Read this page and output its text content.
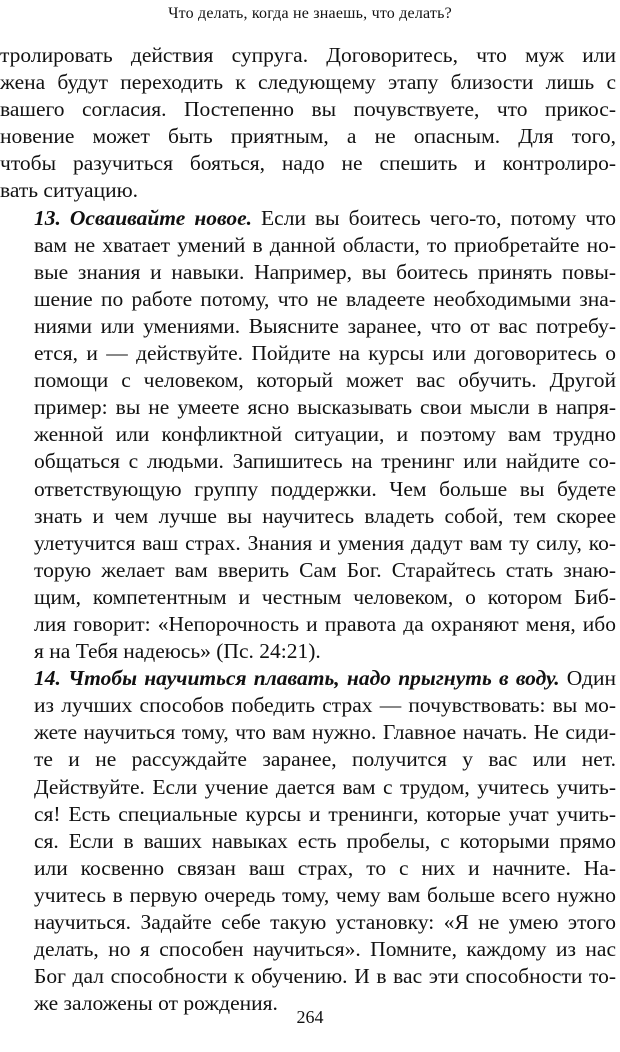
Что делать, когда не знаешь, что делать?
тролировать действия супруга. Договоритесь, что муж или
жена будут переходить к следующему этапу близости лишь с
вашего согласия. Постепенно вы почувствуете, что прикос-
новение может быть приятным, а не опасным. Для того,
чтобы разучиться бояться, надо не спешить и контролиро-
вать ситуацию.
13. Осваивайте новое. Если вы боитесь чего-то, потому что
вам не хватает умений в данной области, то приобретайте но-
вые знания и навыки. Например, вы боитесь принять повы-
шение по работе потому, что не владеете необходимыми зна-
ниями или умениями. Выясните заранее, что от вас потребу-
ется, и — действуйте. Пойдите на курсы или договоритесь о
помощи с человеком, который может вас обучить. Другой
пример: вы не умеете ясно высказывать свои мысли в напря-
женной или конфликтной ситуации, и поэтому вам трудно
общаться с людьми. Запишитесь на тренинг или найдите со-
ответствующую группу поддержки. Чем больше вы будете
знать и чем лучше вы научитесь владеть собой, тем скорее
улетучится ваш страх. Знания и умения дадут вам ту силу, ко-
торую желает вам вверить Сам Бог. Старайтесь стать знаю-
щим, компетентным и честным человеком, о котором Биб-
лия говорит: «Непорочность и правота да охраняют меня, ибо
я на Тебя надеюсь» (Пс. 24:21).
14. Чтобы научиться плавать, надо прыгнуть в воду. Один
из лучших способов победить страх — почувствовать: вы мо-
жете научиться тому, что вам нужно. Главное начать. Не сиди-
те и не рассуждайте заранее, получится у вас или нет.
Действуйте. Если учение дается вам с трудом, учитесь учить-
ся! Есть специальные курсы и тренинги, которые учат учить-
ся. Если в ваших навыках есть пробелы, с которыми прямо
или косвенно связан ваш страх, то с них и начните. На-
учитесь в первую очередь тому, чему вам больше всего нужно
научиться. Задайте себе такую установку: «Я не умею этого
делать, но я способен научиться». Помните, каждому из нас
Бог дал способности к обучению. И в вас эти способности то-
же заложены от рождения.
264
